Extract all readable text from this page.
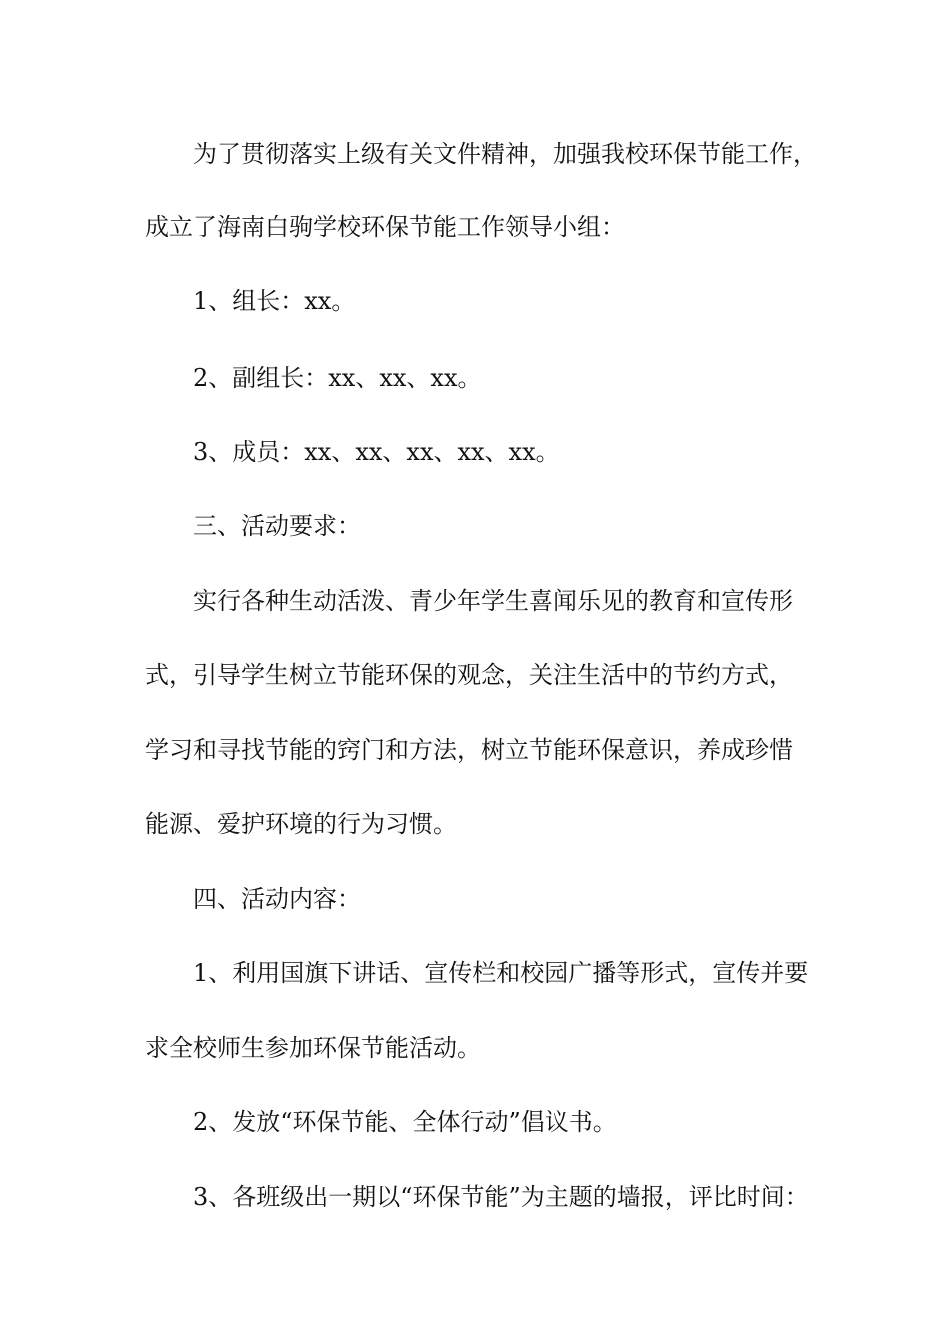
为了贯彻落实上级有关文件精神，加强我校环保节能工作，
成立了海南白驹学校环保节能工作领导小组：
1、组长：xx。
2、副组长：xx、xx、xx。
3、成员：xx、xx、xx、xx、xx。
三、活动要求：
实行各种生动活泼、青少年学生喜闻乐见的教育和宣传形
式，引导学生树立节能环保的观念，关注生活中的节约方式，
学习和寻找节能的窍门和方法，树立节能环保意识，养成珍惜
能源、爱护环境的行为习惯。
四、活动内容：
1、利用国旗下讲话、宣传栏和校园广播等形式，宣传并要
求全校师生参加环保节能活动。
2、发放“环保节能、全体行动”倡议书。
3、各班级出一期以“环保节能”为主题的墙报，评比时间：
